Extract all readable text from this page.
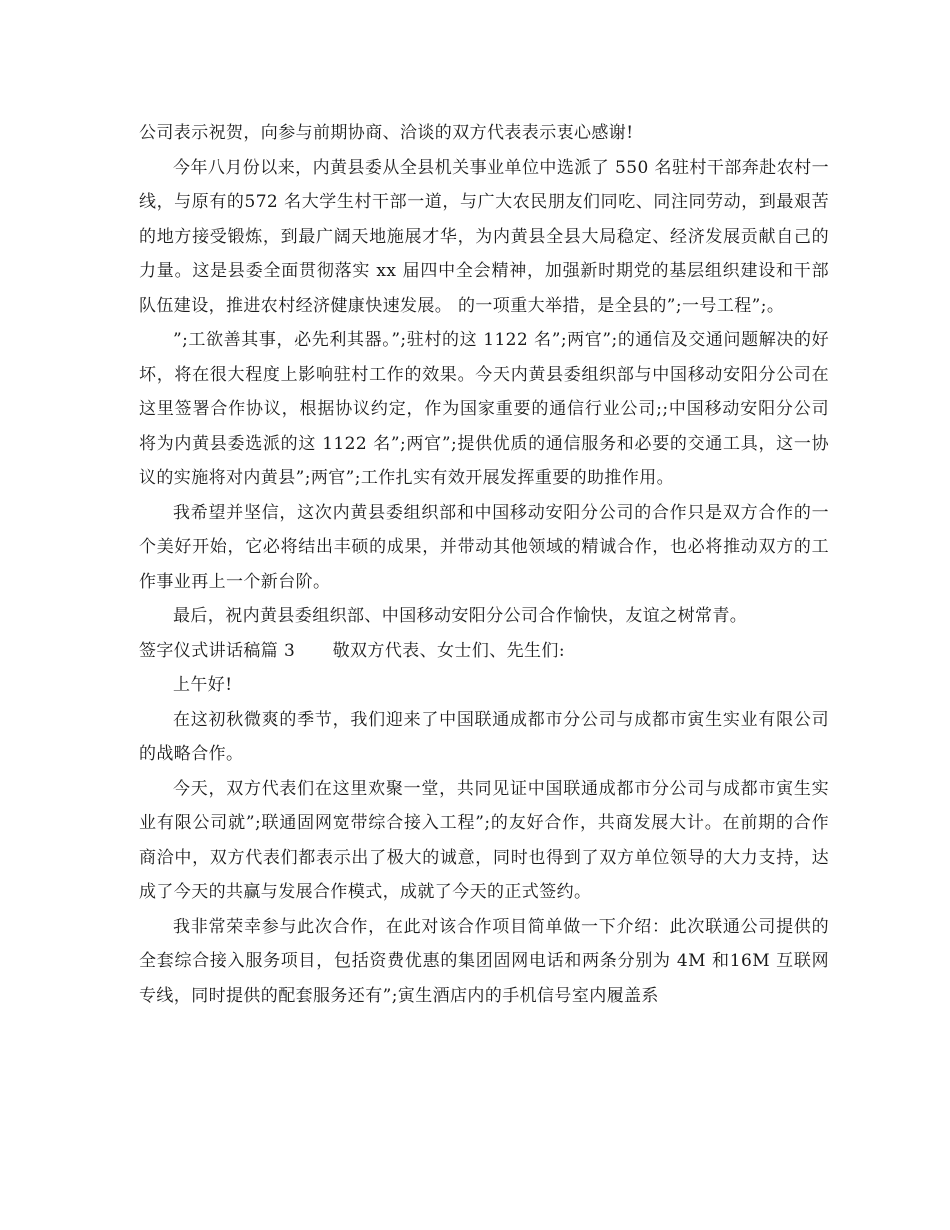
公司表示祝贺，向参与前期协商、洽谈的双方代表表示衷心感谢!

今年八月份以来，内黄县委从全县机关事业单位中选派了 550 名驻村干部奔赴农村一线，与原有的572 名大学生村干部一道，与广大农民朋友们同吃、同注同劳动，到最艰苦的地方接受锻炼，到最广阔天地施展才华，为内黄县全县大局稳定、经济发展贡献自己的力量。这是县委全面贯彻落实 xx 届四中全会精神，加强新时期党的基层组织建设和干部队伍建设，推进农村经济健康快速发展。 的一项重大举措，是全县的”;一号工程”;。

”;工欲善其事，必先利其器。”;驻村的这 1122 名”;两官”;的通信及交通问题解决的好坏，将在很大程度上影响驻村工作的效果。今天内黄县委组织部与中国移动安阳分公司在这里签署合作协议，根据协议约定，作为国家重要的通信行业公司;;中国移动安阳分公司将为内黄县委选派的这 1122 名”;两官”;提供优质的通信服务和必要的交通工具，这一协议的实施将对内黄县”;两官”;工作扎实有效开展发挥重要的助推作用。

我希望并坚信，这次内黄县委组织部和中国移动安阳分公司的合作只是双方合作的一个美好开始，它必将结出丰硕的成果，并带动其他领域的精诚合作，也必将推动双方的工作事业再上一个新台阶。

最后，祝内黄县委组织部、中国移动安阳分公司合作愉快，友谊之树常青。

签字仪式讲话稿篇 3 敬双方代表、女士们、先生们:

上午好!

在这初秋微爽的季节，我们迎来了中国联通成都市分公司与成都市寅生实业有限公司的战略合作。

今天，双方代表们在这里欢聚一堂，共同见证中国联通成都市分公司与成都市寅生实业有限公司就”;联通固网宽带综合接入工程”;的友好合作，共商发展大计。在前期的合作商洽中，双方代表们都表示出了极大的诚意，同时也得到了双方单位领导的大力支持，达成了今天的共赢与发展合作模式，成就了今天的正式签约。

我非常荣幸参与此次合作，在此对该合作项目简单做一下介绍：此次联通公司提供的全套综合接入服务项目，包括资费优惠的集团固网电话和两条分别为 4M 和16M 互联网专线，同时提供的配套服务还有”;寅生酒店内的手机信号室内履盖系
